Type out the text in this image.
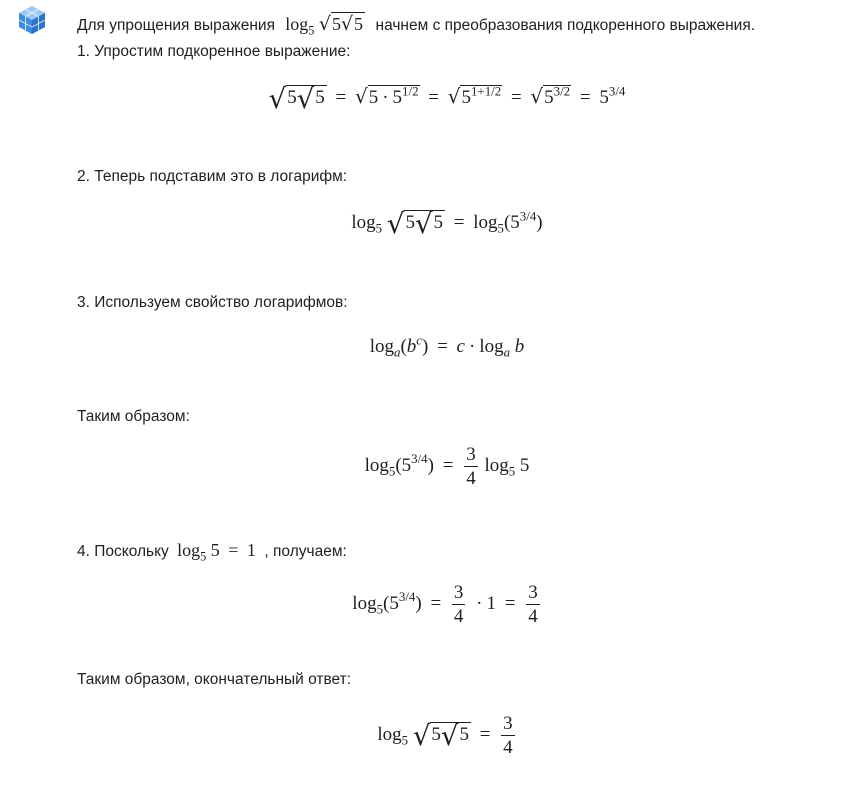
Для упрощения выражения $\log_5 √5√5$ начнем с преобразования подкоренного выражения.
1. Упростим подкоренное выражение:
$√5√5 = √5 \cdot 5^{1/2} = √5^{1+1/2} = √5^{3/2} = 5^{3/4}$
2. Теперь подставим это в логарифм:
$\log_5 √5√5 = \log_5(5^{3/4})$
3. Используем свойство логарифмов:
$\log_a(b^c) = c \cdot \log_a b$
Таким образом:
$\log_5(5^{3/4}) = \frac{3}{4} \log_5 5$
4. Поскольку $\log_5 5 = 1$ , получаем:
$\log_5(5^{3/4}) = \frac{3}{4} \cdot 1 = \frac{3}{4}$
Таким образом, окончательный ответ:
$\log_5 √5√5 = \frac{3}{4}$
